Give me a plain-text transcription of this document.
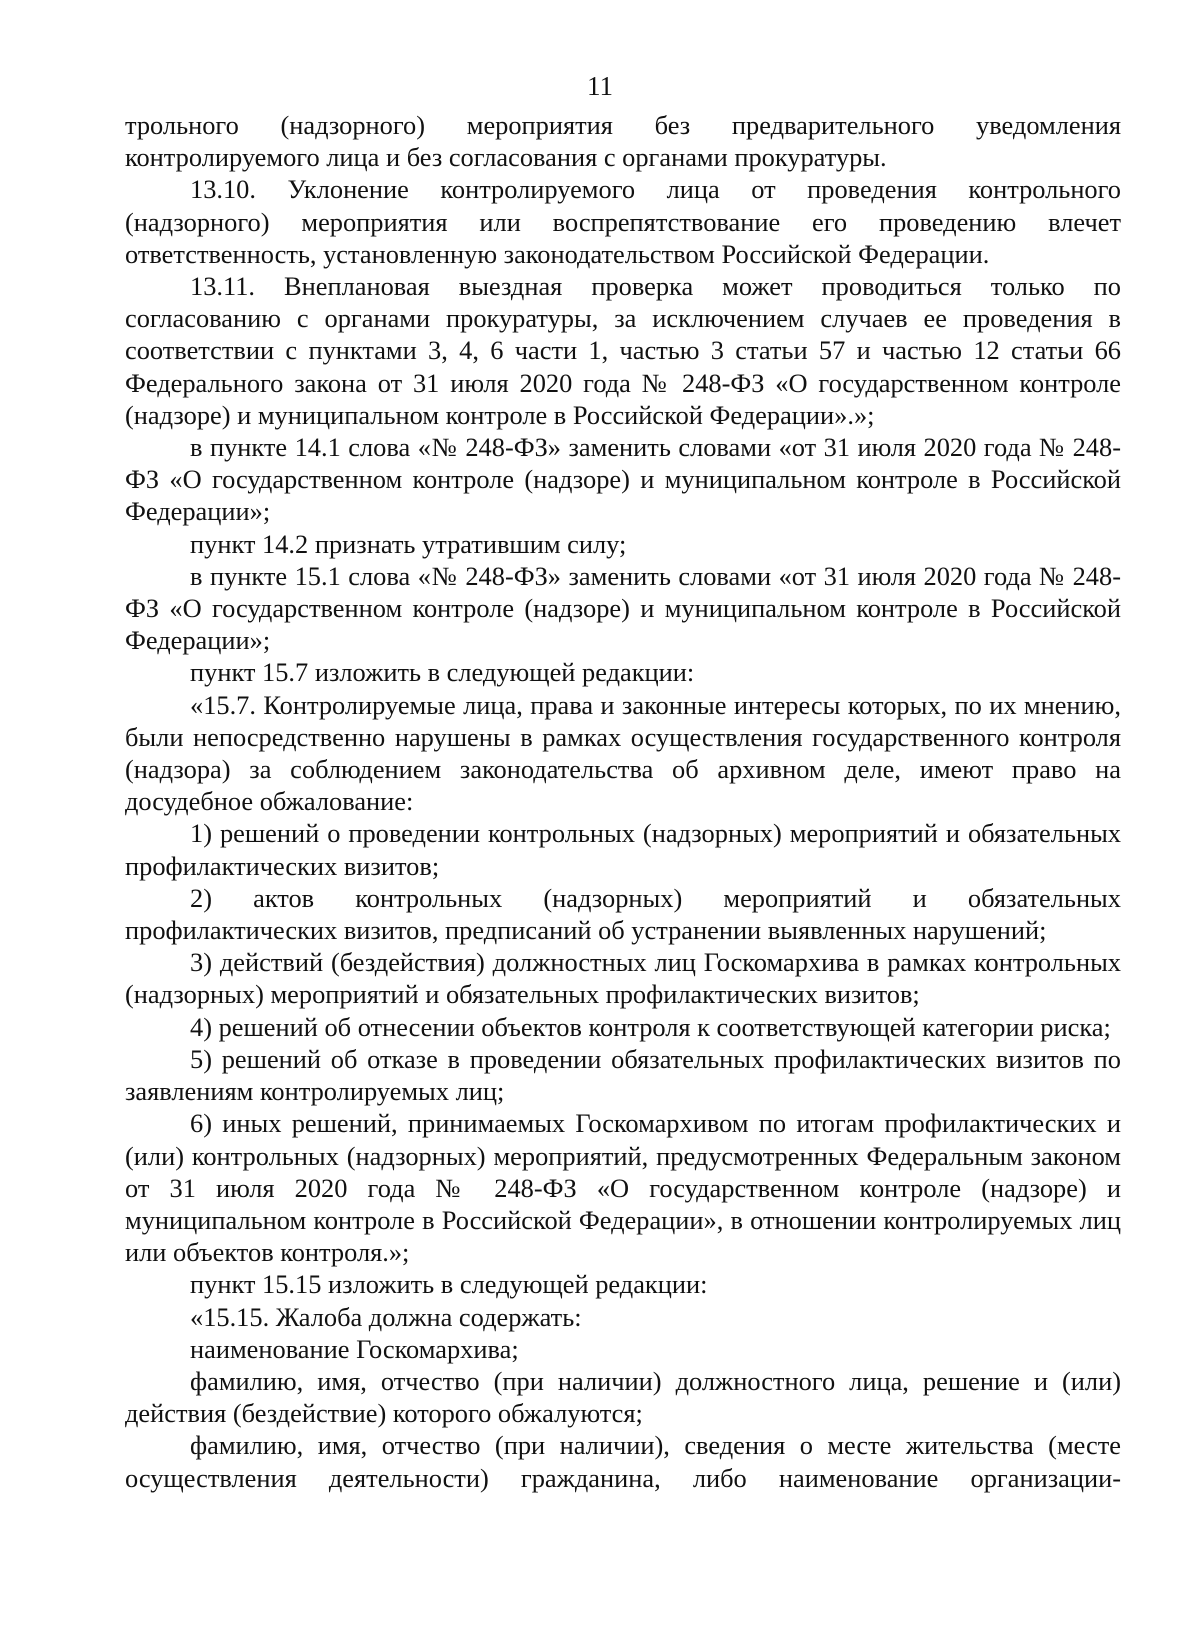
11

трольного (надзорного) мероприятия без предварительного уведомления контролируемого лица и без согласования с органами прокуратуры.

13.10. Уклонение контролируемого лица от проведения контрольного (надзорного) мероприятия или воспрепятствование его проведению влечет ответственность, установленную законодательством Российской Федерации.

13.11. Внеплановая выездная проверка может проводиться только по согласованию с органами прокуратуры, за исключением случаев ее проведения в соответствии с пунктами 3, 4, 6 части 1, частью 3 статьи 57 и частью 12 статьи 66 Федерального закона от 31 июля 2020 года № 248-ФЗ «О государственном контроле (надзоре) и муниципальном контроле в Российской Федерации».»;

в пункте 14.1 слова «№ 248-ФЗ» заменить словами «от 31 июля 2020 года № 248-ФЗ «О государственном контроле (надзоре) и муниципальном контроле в Российской Федерации»;

пункт 14.2 признать утратившим силу;

в пункте 15.1 слова «№ 248-ФЗ» заменить словами «от 31 июля 2020 года № 248-ФЗ «О государственном контроле (надзоре) и муниципальном контроле в Российской Федерации»;

пункт 15.7 изложить в следующей редакции:

«15.7. Контролируемые лица, права и законные интересы которых, по их мнению, были непосредственно нарушены в рамках осуществления государственного контроля (надзора) за соблюдением законодательства об архивном деле, имеют право на досудебное обжалование:

1) решений о проведении контрольных (надзорных) мероприятий и обязательных профилактических визитов;

2) актов контрольных (надзорных) мероприятий и обязательных профилактических визитов, предписаний об устранении выявленных нарушений;

3) действий (бездействия) должностных лиц Госкомархива в рамках контрольных (надзорных) мероприятий и обязательных профилактических визитов;

4) решений об отнесении объектов контроля к соответствующей категории риска;

5) решений об отказе в проведении обязательных профилактических визитов по заявлениям контролируемых лиц;

6) иных решений, принимаемых Госкомархивом по итогам профилактических и (или) контрольных (надзорных) мероприятий, предусмотренных Федеральным законом от 31 июля 2020 года № 248-ФЗ «О государственном контроле (надзоре) и муниципальном контроле в Российской Федерации», в отношении контролируемых лиц или объектов контроля.»;

пункт 15.15 изложить в следующей редакции:

«15.15. Жалоба должна содержать:

наименование Госкомархива;

фамилию, имя, отчество (при наличии) должностного лица, решение и (или) действия (бездействие) которого обжалуются;

фамилию, имя, отчество (при наличии), сведения о месте жительства (месте осуществления деятельности) гражданина, либо наименование организации-
